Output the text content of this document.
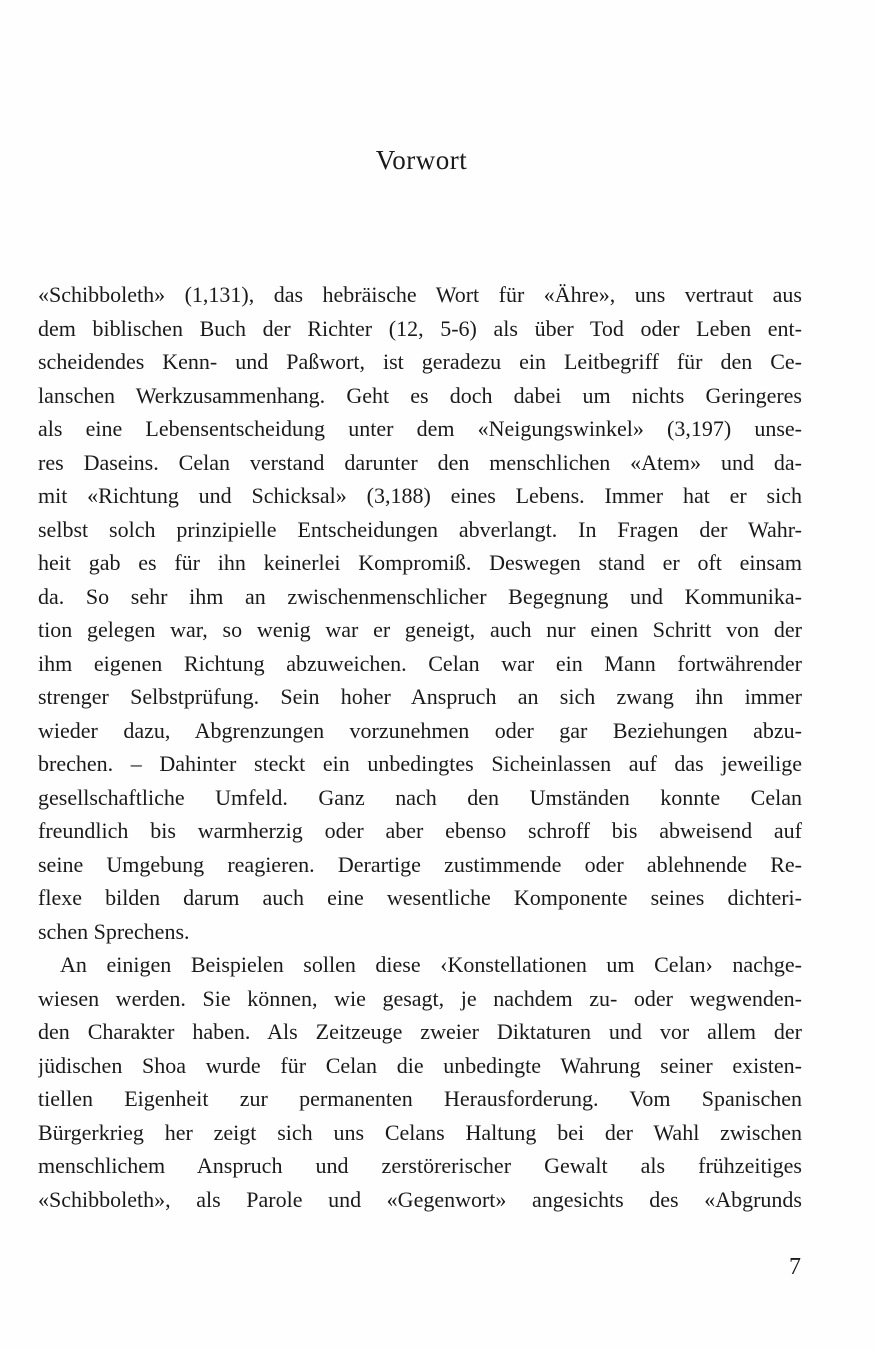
Vorwort
«Schibboleth» (1,131), das hebräische Wort für «Ähre», uns vertraut aus
dem biblischen Buch der Richter (12, 5-6) als über Tod oder Leben ent-
scheidendes Kenn- und Paßwort, ist geradezu ein Leitbegriff für den Ce-
lanschen Werkzusammenhang. Geht es doch dabei um nichts Geringeres
als eine Lebensentscheidung unter dem «Neigungswinkel» (3,197) unse-
res Daseins. Celan verstand darunter den menschlichen «Atem» und da-
mit «Richtung und Schicksal» (3,188) eines Lebens. Immer hat er sich
selbst solch prinzipielle Entscheidungen abverlangt. In Fragen der Wahr-
heit gab es für ihn keinerlei Kompromiß. Deswegen stand er oft einsam
da. So sehr ihm an zwischenmenschlicher Begegnung und Kommunika-
tion gelegen war, so wenig war er geneigt, auch nur einen Schritt von der
ihm eigenen Richtung abzuweichen. Celan war ein Mann fortwährender
strenger Selbstprüfung. Sein hoher Anspruch an sich zwang ihn immer
wieder dazu, Abgrenzungen vorzunehmen oder gar Beziehungen abzu-
brechen. – Dahinter steckt ein unbedingtes Sicheinlassen auf das jeweilige
gesellschaftliche Umfeld. Ganz nach den Umständen konnte Celan
freundlich bis warmherzig oder aber ebenso schroff bis abweisend auf
seine Umgebung reagieren. Derartige zustimmende oder ablehnende Re-
flexe bilden darum auch eine wesentliche Komponente seines dichteri-
schen Sprechens.
An einigen Beispielen sollen diese ‹Konstellationen um Celan› nachge-
wiesen werden. Sie können, wie gesagt, je nachdem zu- oder wegwenden-
den Charakter haben. Als Zeitzeuge zweier Diktaturen und vor allem der
jüdischen Shoa wurde für Celan die unbedingte Wahrung seiner existen-
tiellen Eigenheit zur permanenten Herausforderung. Vom Spanischen
Bürgerkrieg her zeigt sich uns Celans Haltung bei der Wahl zwischen
menschlichem Anspruch und zerstörerischer Gewalt als frühzeitiges
«Schibboleth», als Parole und «Gegenwort» angesichts des «Abgrunds
7
